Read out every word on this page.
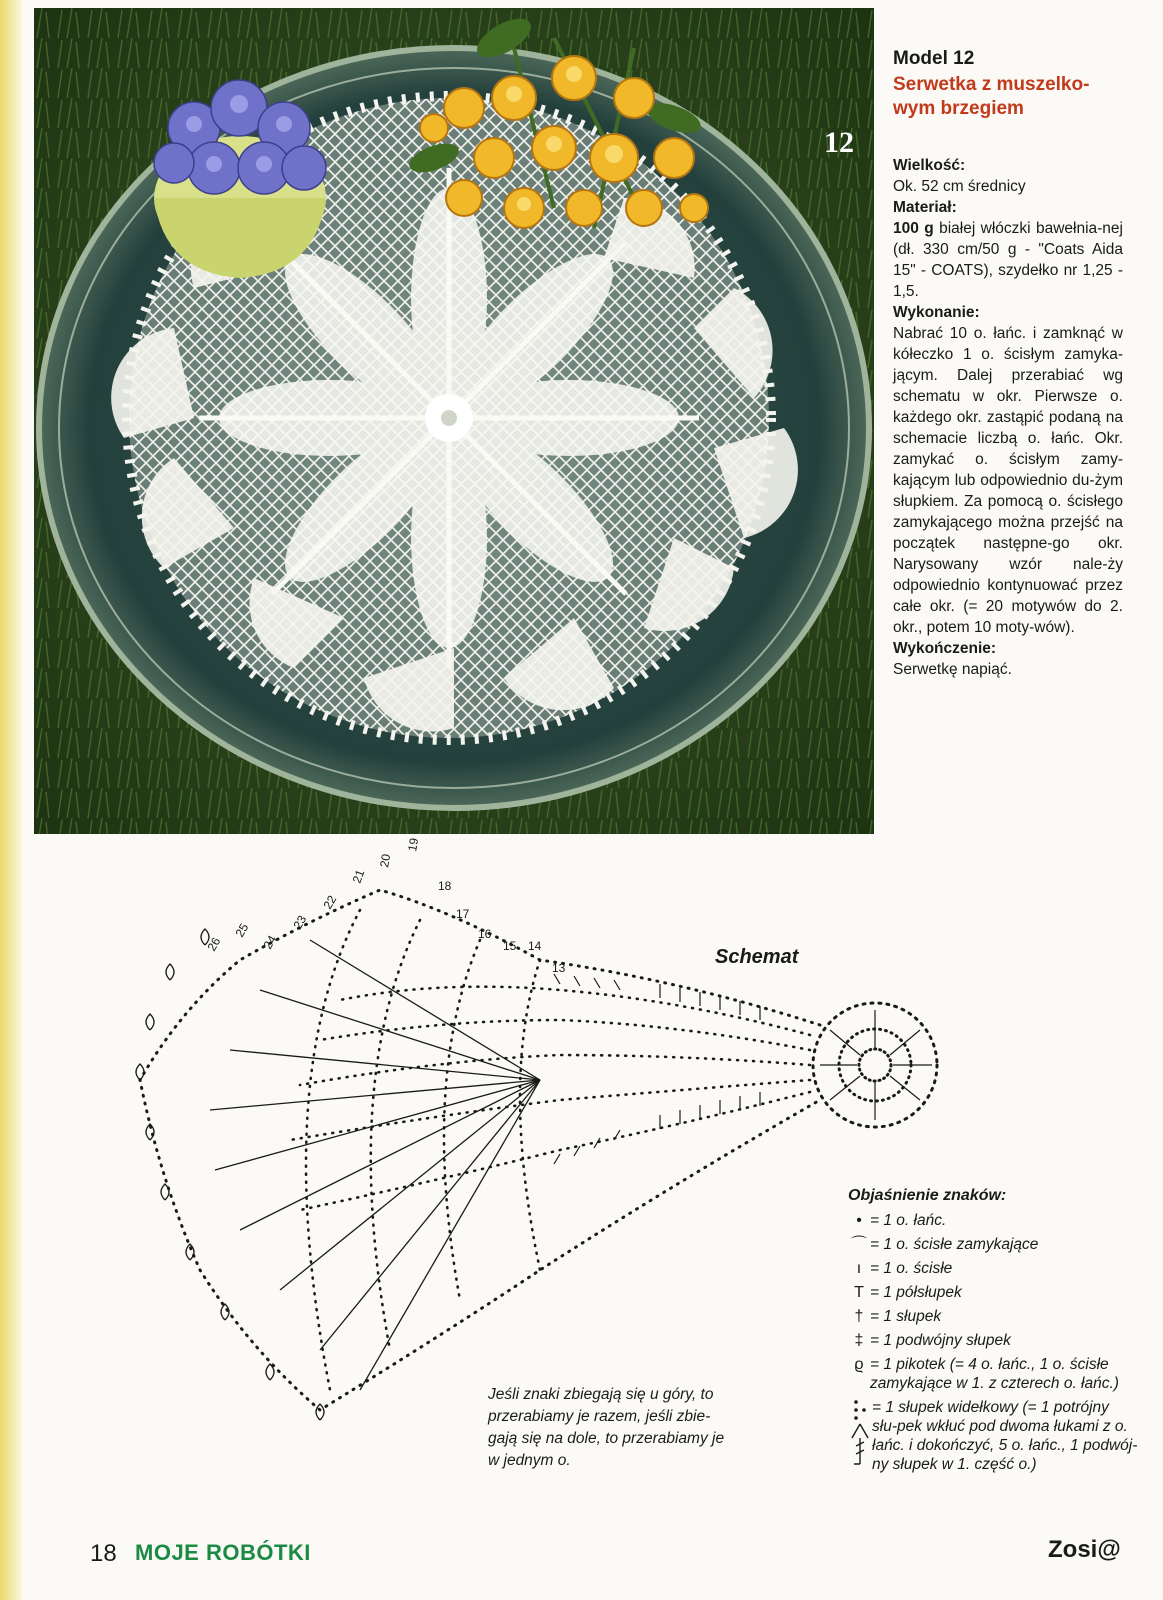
12
Model 12
Serwetka z muszelko-
wym brzegiem
Wielkość:
Ok. 52 cm średnicy
Materiał:
100 g białej włóczki bawełnia-nej (dł. 330 cm/50 g - "Coats Aida 15" - COATS), szydełko nr 1,25 - 1,5.
Wykonanie:
Nabrać 10 o. łańc. i zamknąć w kółeczko 1 o. ścisłym zamyka-jącym. Dalej przerabiać wg schematu w okr. Pierwsze o. każdego okr. zastąpić podaną na schemacie liczbą o. łańc. Okr. zamykać o. ścisłym zamy-kającym lub odpowiednio du-żym słupkiem. Za pomocą o. ścisłego zamykającego można przejść na początek następne-go okr. Narysowany wzór nale-ży odpowiednio kontynuować przez całe okr. (= 20 motywów do 2. okr., potem 10 moty-wów).
Wykończenie:
Serwetkę napiąć.
13
14
15
16
17
18
19
20
21
22
23
24
25
26
Schemat
Objaśnienie znaków:
• = 1 o. łańc.
⌒ = 1 o. ścisłe zamykające
ı = 1 o. ścisłe
T = 1 półsłupek
† = 1 słupek
‡ = 1 podwójny słupek
ϱ = 1 pikotek (= 4 o. łańc., 1 o. ścisłe zamykające w 1. z czterech o. łańc.)
= 1 słupek widełkowy (= 1 potrójny słu-pek wkłuć pod dwoma łukami z o. łańc. i dokończyć, 5 o. łańc., 1 podwój-ny słupek w 1. część o.)
Jeśli znaki zbiegają się u góry, to przerabiamy je razem, jeśli zbie-gają się na dole, to przerabiamy je w jednym o.
18 MOJE ROBÓTKI	Zosi@
